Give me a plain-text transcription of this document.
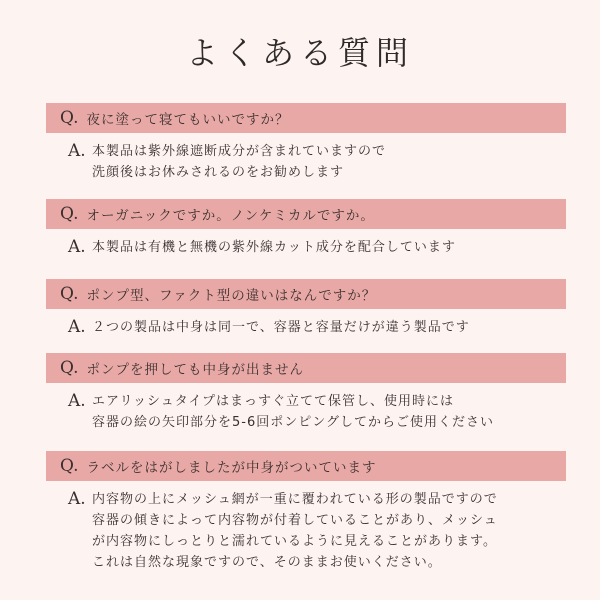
よくある質問
Q. 夜に塗って寝てもいいですか？
A. 本製品は紫外線遮断成分が含まれていますので
洗顔後はお休みされるのをお勧めします
Q. オーガニックですか。ノンケミカルですか。
A. 本製品は有機と無機の紫外線カット成分を配合しています
Q. ポンプ型、ファクト型の違いはなんですか？
A. ２つの製品は中身は同一で、容器と容量だけが違う製品です
Q. ポンプを押しても中身が出ません
A. エアリッシュタイプはまっすぐ立てて保管し、使用時には
容器の絵の矢印部分を5-6回ポンピングしてからご使用ください
Q. ラベルをはがしましたが中身がついています
A. 内容物の上にメッシュ網が一重に覆われている形の製品ですので
容器の傾きによって内容物が付着していることがあり、メッシュ
が内容物にしっとりと濡れているように見えることがあります。
これは自然な現象ですので、そのままお使いください。
